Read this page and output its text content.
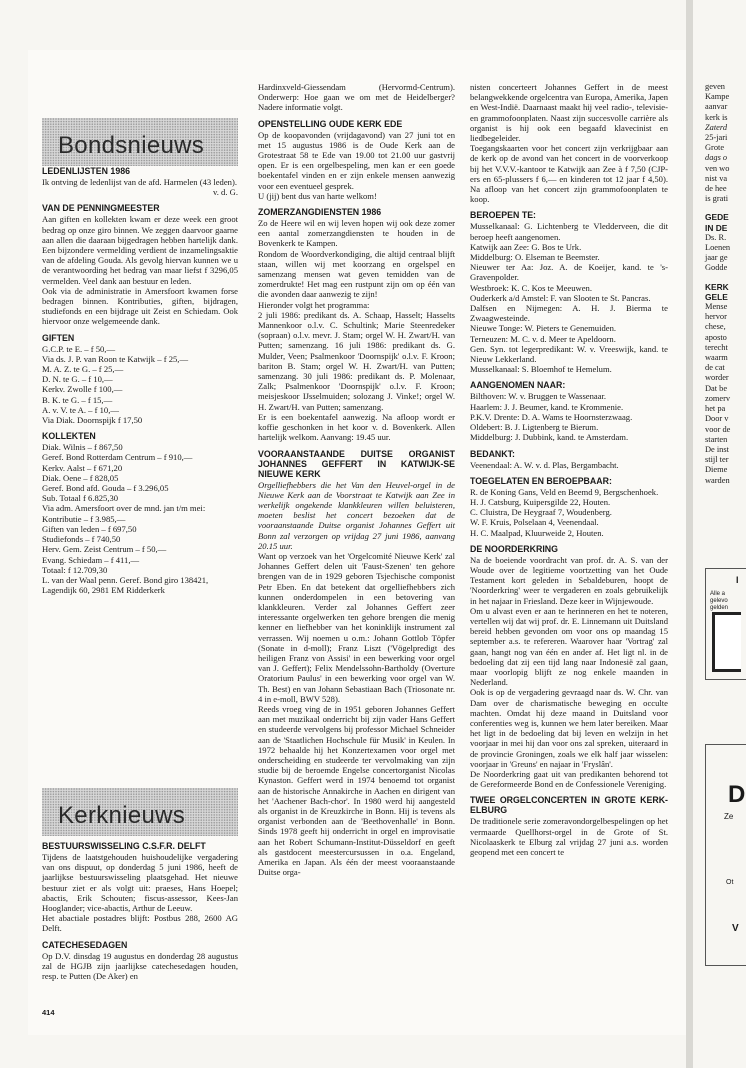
Bondsnieuws
LEDENLIJSTEN 1986

Ik ontving de ledenlijst van de afd. Harmelen (43 leden).

v. d. G.

VAN DE PENNINGMEESTER

Aan giften en kollekten kwam er deze week een groot bedrag op onze giro binnen. We zeggen daarvoor gaarne aan allen die daaraan bijgedragen hebben hartelijk dank. Een bijzondere vermelding verdient de inzamelingsaktie van de afdeling Gouda. Als gevolg hiervan kunnen we u de verantwoording het bedrag van maar liefst f 3296,05 vermelden. Veel dank aan bestuur en leden.

Ook via de administratie in Amersfoort kwamen forse bedragen binnen. Kontributies, giften, bijdragen, studiefonds en een bijdrage uit Zeist en Schiedam. Ook hiervoor onze welgemeende dank.

GIFTEN

G.C.P. te E. – f 50,—

Via ds. J. P. van Roon te Katwijk – f 25,—

M. A. Z. te G. – f 25,—

D. N. te G. – f 10,—

Kerkv. Zwolle f 100,—

B. K. te G. – f 15,—

A. v. V. te A. – f 10,—

Via Diak. Doornspijk f 17,50

KOLLEKTEN

Diak. Wilnis – f 867,50

Geref. Bond Rotterdam Centrum – f 910,—

Kerkv. Aalst – f 671,20

Diak. Oene – f 828,05

Geref. Bond afd. Gouda – f 3.296,05

Sub. Totaal f 6.825,30

Via adm. Amersfoort over de mnd. jan t/m mei:

Kontributie – f 3.985,—

Giften van leden – f 697,50

Studiefonds – f 740,50

Herv. Gem. Zeist Centrum – f 50,—

Evang. Schiedam – f 411,—

Totaal: f 12.709,30

L. van der Waal penn. Geref. Bond giro 138421,

Lagendijk 60, 2981 EM Ridderkerk

Kerknieuws
BESTUURSWISSELING C.S.F.R. DELFT

Tijdens de laatstgehouden huishoudelijke vergadering van ons dispuut, op donderdag 5 juni 1986, heeft de jaarlijkse bestuurswisseling plaatsgehad. Het nieuwe bestuur ziet er als volgt uit: praeses, Hans Hoepel; abactis, Erik Schouten; fiscus-assessor, Kees-Jan Hooglander; vice-abactis, Arthur de Leeuw.

Het abactiale postadres blijft: Postbus 288, 2600 AG Delft.

CATECHESEDAGEN

Op D.V. dinsdag 19 augustus en donderdag 28 augustus zal de HGJB zijn jaarlijkse catechesedagen houden, resp. te Putten (De Aker) en

414

Hardinxveld-Giessendam (Hervormd-Centrum). Onderwerp: Hoe gaan we om met de Heidelberger? Nadere informatie volgt.

OPENSTELLING OUDE KERK EDE

Op de koopavonden (vrijdagavond) van 27 juni tot en met 15 augustus 1986 is de Oude Kerk aan de Grotestraat 58 te Ede van 19.00 tot 21.00 uur gastvrij open. Er is een orgelbespeling, men kan er een goede boekentafel vinden en er zijn enkele mensen aanwezig voor een eventueel gesprek.

U (jij) bent dus van harte welkom!

ZOMERZANGDIENSTEN 1986

Zo de Heere wil en wij leven hopen wij ook deze zomer een aantal zomerzangdiensten te houden in de Bovenkerk te Kampen.

Rondom de Woordverkondiging, die altijd centraal blijft staan, willen wij met koorzang en orgelspel en samenzang mensen wat geven temidden van de zomerdrukte! Het mag een rustpunt zijn om op één van die avonden daar aanwezig te zijn!

Hieronder volgt het programma:

2 juli 1986: predikant ds. A. Schaap, Hasselt; Hasselts Mannenkoor o.l.v. C. Schultink; Marie Steenredeker (sopraan) o.l.v. mevr. J. Stam; orgel W. H. Zwart/H. van Putten; samenzang. 16 juli 1986: predikant ds. G. Mulder, Veen; Psalmenkoor 'Doornspijk' o.l.v. F. Kroon; bariton B. Stam; orgel W. H. Zwart/H. van Putten; samenzang. 30 juli 1986: predikant ds. P. Molenaar, Zalk; Psalmenkoor 'Doornspijk' o.l.v. F. Kroon; meisjeskoor IJsselmuiden; solozang J. Vinke!; orgel W. H. Zwart/H. van Putten; samenzang.

Er is een boekentafel aanwezig. Na afloop wordt er koffie geschonken in het koor v. d. Bovenkerk. Allen hartelijk welkom. Aanvang: 19.45 uur.

VOORAANSTAANDE DUITSE ORGANIST JOHANNES GEFFERT IN KATWIJK-SE NIEUWE KERK

Orgelliefhebbers die het Van den Heuvel-orgel in de Nieuwe Kerk aan de Voorstraat te Katwijk aan Zee in werkelijk ongekende klankkleuren willen beluisteren, moeten beslist het concert bezoeken dat de vooraanstaande Duitse organist Johannes Geffert uit Bonn zal verzorgen op vrijdag 27 juni 1986, aanvang 20.15 uur.

Want op verzoek van het 'Orgelcomité Nieuwe Kerk' zal Johannes Geffert delen uit 'Faust-Szenen' ten gehore brengen van de in 1929 geboren Tsjechische componist Petr Eben. En dat betekent dat orgelliefhebbers zich kunnen onderdompelen in een betovering van klankkleuren. Verder zal Johannes Geffert zeer interessante orgelwerken ten gehore brengen die menig kenner en liefhebber van het koninklijk instrument zal verrassen. Wij noemen u o.m.: Johann Gottlob Töpfer (Sonate in d-moll); Franz Liszt ('Vögelpredigt des heiligen Franz von Assisi' in een bewerking voor orgel van J. Geffert); Felix Mendelssohn-Bartholdy (Overture Oratorium Paulus' in een bewerking voor orgel van W. Th. Best) en van Johann Sebastiaan Bach (Triosonate nr. 4 in e-moll, BWV 528).

Reeds vroeg ving de in 1951 geboren Johannes Geffert aan met muzikaal onderricht bij zijn vader Hans Geffert en studeerde vervolgens bij professor Michael Schneider aan de 'Staatlichen Hochschule für Musik' in Keulen. In 1972 behaalde hij het Konzertexamen voor orgel met onderscheiding en studeerde ter vervolmaking van zijn studie bij de beroemde Engelse concertorganist Nicolas Kynaston. Geffert werd in 1974 benoemd tot organist aan de historische Annakirche in Aachen en dirigent van het 'Aachener Bach-chor'. In 1980 werd hij aangesteld als organist in de Kreuzkirche in Bonn. Hij is tevens als organist verbonden aan de 'Beethovenhalle' in Bonn. Sinds 1978 geeft hij onderricht in orgel en improvisatie aan het Robert Schumann-Institut-Düsseldorf en geeft als gastdocent meestercursussen in o.a. Engeland, Amerika en Japan. Als één der meest vooraanstaande Duitse orga-

nisten concerteert Johannes Geffert in de meest belangwekkende orgelcentra van Europa, Amerika, Japen en West-Indië. Daarnaast maakt hij veel radio-, televisie- en grammofoonplaten. Naast zijn succesvolle carrière als organist is hij ook een begaafd klavecinist en liedbegeleider.

Toegangskaarten voor het concert zijn verkrijgbaar aan de kerk op de avond van het concert in de voorverkoop bij het V.V.V.-kantoor te Katwijk aan Zee à f 7,50 (CJP-ers en 65-plussers f 6,— en kinderen tot 12 jaar f 4,50). Na afloop van het concert zijn grammofoonplaten te koop.

BEROEPEN TE:

Musselkanaal: G. Lichtenberg te Vledderveen, die dit beroep heeft aangenomen.

Katwijk aan Zee: G. Bos te Urk.

Middelburg: O. Elseman te Beemster.

Nieuwer ter Aa: Joz. A. de Koeijer, kand. te 's-Gravenpolder.

Westbroek: K. C. Kos te Meeuwen.

Ouderkerk a/d Amstel: F. van Slooten te St. Pancras.

Dalfsen en Nijmegen: A. H. J. Bierma te Zwaagwesteinde.

Nieuwe Tonge: W. Pieters te Genemuiden.

Terneuzen: M. C. v. d. Meer te Apeldoorn.

Gen. Syn. tot legerpredikant: W. v. Vreeswijk, kand. te Nieuw Lekkerland.

Musselkanaal: S. Bloemhof te Hemelum.

AANGENOMEN NAAR:

Bilthoven: W. v. Bruggen te Wassenaar.

Haarlem: J. J. Beumer, kand. te Krommenie.

P.K.V. Drente: D. A. Wams te Hoornsterzwaag.

Oldebert: B. J. Ligtenberg te Bierum.

Middelburg: J. Dubbink, kand. te Amsterdam.

BEDANKT:

Veenendaal: A. W. v. d. Plas, Bergambacht.

TOEGELATEN EN BEROEPBAAR:

R. de Koning Gans, Veld en Beemd 9, Bergschenhoek.

H. J. Catsburg, Kuipersgilde 22, Houten.

C. Cluistra, De Heygraaf 7, Woudenberg.

W. F. Kruis, Polselaan 4, Veenendaal.

H. C. Maalpad, Kluurweide 2, Houten.

DE NOORDERKRING

Na de boeiende voordracht van prof. dr. A. S. van der Woude over de legitieme voortzetting van het Oude Testament kort geleden in Sebaldeburen, hoopt de 'Noorderkring' weer te vergaderen en zoals gebruikelijk in het najaar in Friesland. Deze keer in Wijnjewoude.

Om u alvast even er aan te herinneren en het te noteren, vertellen wij dat wij prof. dr. E. Linnemann uit Duitsland bereid hebben gevonden om voor ons op maandag 15 september a.s. te refereren. Waarover haar 'Vortrag' zal gaan, hangt nog van één en ander af. Het ligt nl. in de bedoeling dat zij een tijd lang naar Indonesië zal gaan, maar voorlopig blijft ze nog enkele maanden in Nederland.

Ook is op de vergadering gevraagd naar ds. W. Chr. van Dam over de charismatische beweging en occulte machten. Omdat hij deze maand in Duitsland voor conferenties weg is, kunnen we hem later bereiken. Maar het ligt in de bedoeling dat bij leven en welzijn in het voorjaar in mei hij dan voor ons zal spreken, uiteraard in de provincie Groningen, zoals we elk half jaar wisselen: voorjaar in 'Greuns' en najaar in 'Fryslân'.

De Noorderkring gaat uit van predikanten behorend tot de Gereformeerde Bond en de Confessionele Vereniging.

TWEE ORGELCONCERTEN IN GROTE KERK-ELBURG

De traditionele serie zomeravondorgelbespelingen op het vermaarde Quellhorst-orgel in de Grote of St. Nicolaaskerk te Elburg zal vrijdag 27 juni a.s. worden geopend met een concert te

geven

Kampe

aanvar

kerk is

Zaterd

25-jari

Grote

dags o

ven wo

nist va

de hee

is grati

GEDE
IN DE

Ds. R.

Loenen

jaar ge

Godde

KERK
GELE

Mense

hervor

chese,

aposto

terecht

waarm

de cat

worder

Dat be

zomerv

het pa

Door v

voor de

starten

De inst

stijl ter

Dieme

warden

I
Alle a
gelevo
gelden
D
Ze
Ot
V
